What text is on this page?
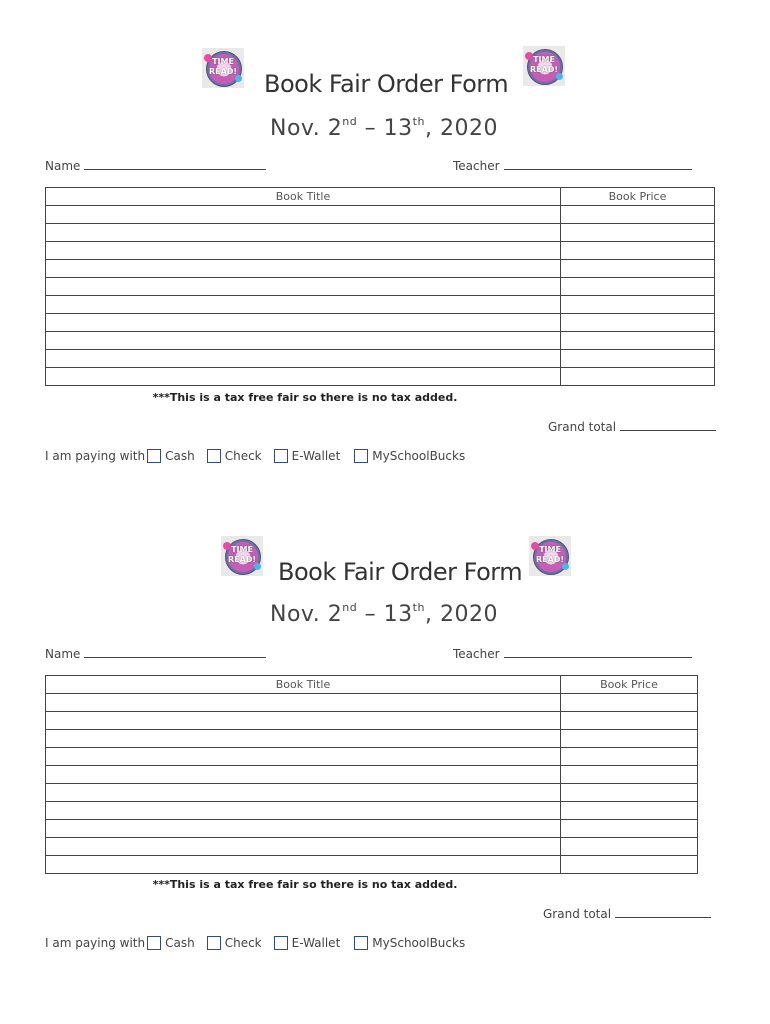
TIME
READ!
TIME
READ!
Book Fair Order Form
Nov. 2nd – 13th, 2020
Name	Teacher
Book Title	Book Price

***This is a tax free fair so there is no tax added.
Grand total
I am paying with Cash	Check	E-Wallet	MySchoolBucks
TIME
READ!
TIME
READ!
Book Fair Order Form
Nov. 2nd – 13th, 2020
Name	Teacher
Book Title	Book Price

***This is a tax free fair so there is no tax added.
Grand total
I am paying with Cash	Check	E-Wallet	MySchoolBucks
